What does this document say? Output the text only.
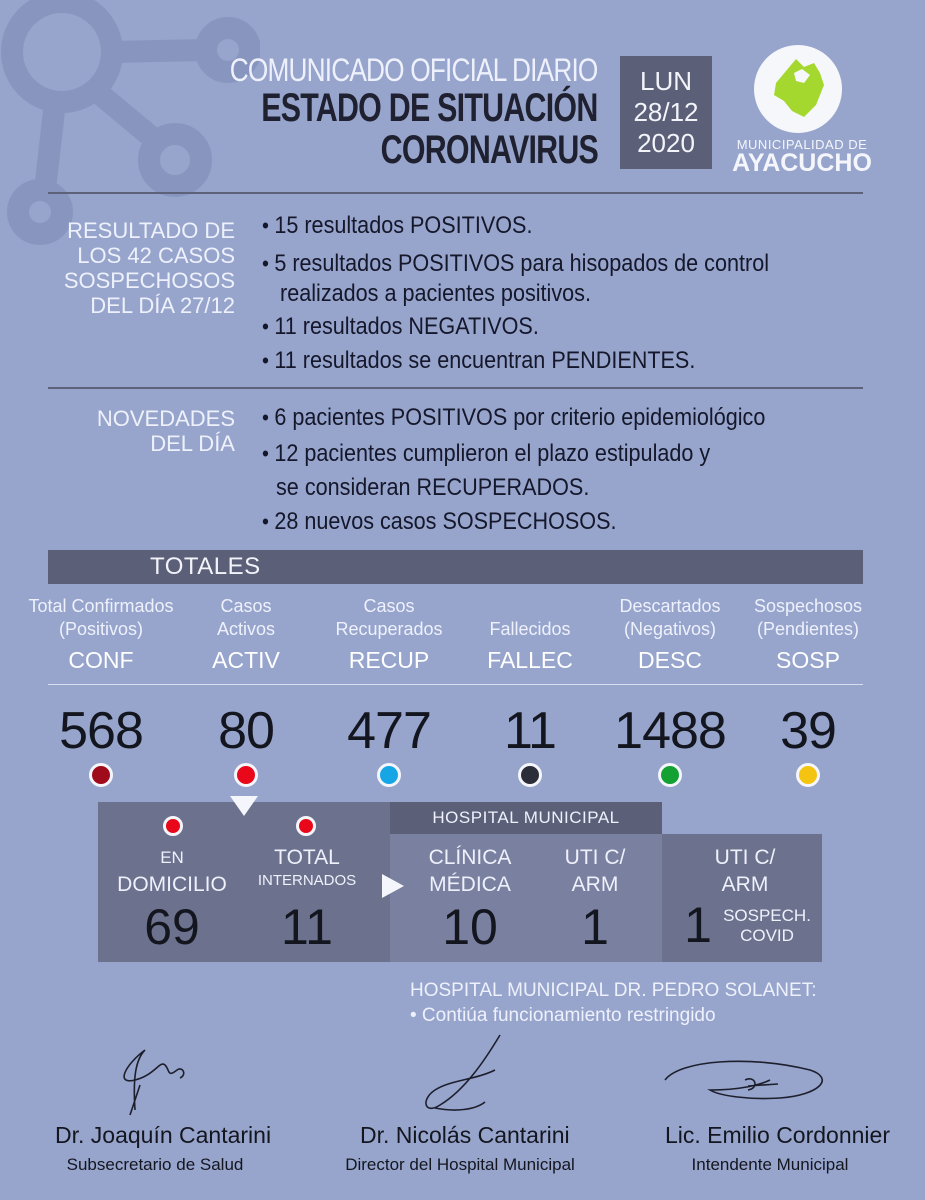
COMUNICADO OFICIAL DIARIO
ESTADO DE SITUACIÓN
CORONAVIRUS
LUN
28/12
2020	MUNICIPALIDAD DE
AYACUCHO
RESULTADO DE
LOS 42 CASOS
SOSPECHOSOS
DEL DÍA 27/12
• 15 resultados POSITIVOS.
• 5 resultados POSITIVOS para hisopados de control
realizados a pacientes positivos.
• 11 resultados NEGATIVOS.
• 11 resultados se encuentran PENDIENTES.
NOVEDADES
DEL DÍA
• 6 pacientes POSITIVOS por criterio epidemiológico
• 12 pacientes cumplieron el plazo estipulado y
se consideran RECUPERADOS.
• 28 nuevos casos SOSPECHOSOS.
TOTALES
Total Confirmados
(Positivos)
CONF
568
Casos
Activos
ACTIV
80
Casos
Recuperados
RECUP
477

Fallecidos
FALLEC
11
Descartados
(Negativos)
DESC
1488
Sospechosos
(Pendientes)
SOSP
39
HOSPITAL MUNICIPAL
EN
DOMICILIO
69
TOTAL
INTERNADOS
11
CLÍNICA
MÉDICA
10
UTI C/
ARM
1
UTI C/
ARM
1 SOSPECH.
COVID
HOSPITAL MUNICIPAL DR. PEDRO SOLANET:
• Contiúa funcionamiento restringido
Dr. Joaquín Cantarini
Subsecretario de Salud
Dr. Nicolás Cantarini
Director del Hospital Municipal
Lic. Emilio Cordonnier
Intendente Municipal
